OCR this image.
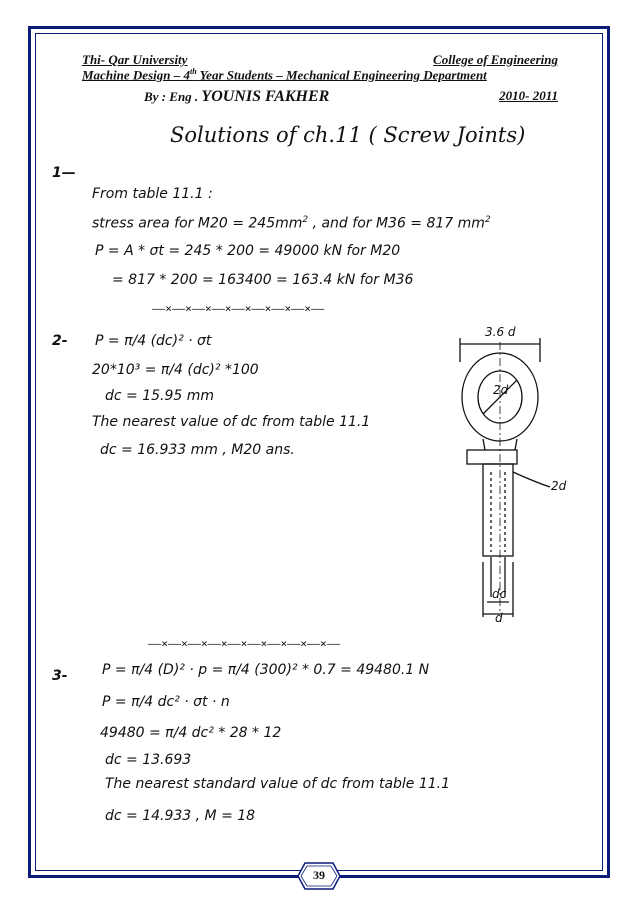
Thi- Qar University	College of Engineering
Machine Design – 4th Year Students – Mechanical Engineering Department
By : Eng . YOUNIS FAKHER	2010- 2011
Solutions of ch.11 ( Screw Joints)
1—
From table 11.1 :
stress area for $M20 = 245mm^2$ , and for M36 = 817 $mm^2$
P = A * σt = 245 * 200 = 49000 kN for M20
= 817 * 200 = 163400 = 163.4 kN for M36
——×——×——×——×——×——×——×——×——
2- P = π/4 (dc)² · σt
20*10³ = π/4 (dc)² *100
dc = 15.95 mm
The nearest value of dc from table 11.1
dc = 16.933 mm , M20 ans.
3.6 d
2d
2d
dc
d
——×——×——×——×——×——×——×——×——×——
3- P = π/4 (D)² · p = π/4 (300)² * 0.7 = 49480.1 N
P = π/4 dc² · σt · n
49480 = π/4 dc² * 28 * 12
dc = 13.693
The nearest standard value of dc from table 11.1
dc = 14.933 , M = 18
39
